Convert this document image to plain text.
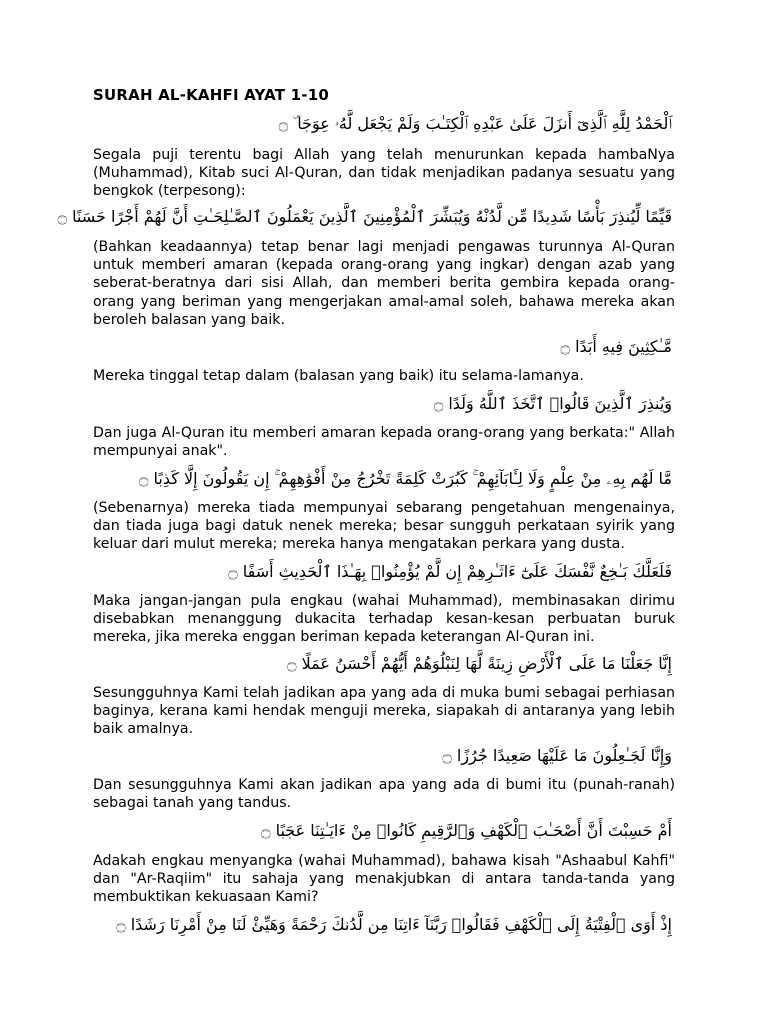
SURAH AL-KAHFI AYAT 1-10
ٱلْحَمْدُ لِلَّهِ ٱلَّذِىٓ أَنزَلَ عَلَىٰ عَبْدِهِ ٱلْكِتَـٰبَ وَلَمْ يَجْعَل لَّهُۥ عِوَجَا ۜ ۝
Segala puji terentu bagi Allah yang telah menurunkan kepada hambaNya (Muhammad), Kitab suci Al-Quran, dan tidak menjadikan padanya sesuatu yang bengkok (terpesong):
قَيِّمًا لِّيُنذِرَ بَأْسًا شَدِيدًا مِّن لَّدُنْهُ وَيُبَشِّرَ ٱلْمُؤْمِنِينَ ٱلَّذِينَ يَعْمَلُونَ ٱلصَّـٰلِحَـٰتِ أَنَّ لَهُمْ أَجْرًا حَسَنًا ۝
(Bahkan keadaannya) tetap benar lagi menjadi pengawas turunnya Al-Quran untuk memberi amaran (kepada orang-orang yang ingkar) dengan azab yang seberat-beratnya dari sisi Allah, dan memberi berita gembira kepada orang-orang yang beriman yang mengerjakan amal-amal soleh, bahawa mereka akan beroleh balasan yang baik.
مَّـٰكِثِينَ فِيهِ أَبَدًا ۝
Mereka tinggal tetap dalam (balasan yang baik) itu selama-lamanya.
وَيُنذِرَ ٱلَّذِينَ قَالُوا۟ ٱتَّخَذَ ٱللَّهُ وَلَدًا ۝
Dan juga Al-Quran itu memberi amaran kepada orang-orang yang berkata:" Allah mempunyai anak".
مَّا لَهُم بِهِۦ مِنْ عِلْمٍ وَلَا لِـَٔابَآئِهِمْ ۚ كَبُرَتْ كَلِمَةً تَخْرُجُ مِنْ أَفْوَٰهِهِمْ ۚ إِن يَقُولُونَ إِلَّا كَذِبًا ۝
(Sebenarnya) mereka tiada mempunyai sebarang pengetahuan mengenainya, dan tiada juga bagi datuk nenek mereka; besar sungguh perkataan syirik yang keluar dari mulut mereka; mereka hanya mengatakan perkara yang dusta.
فَلَعَلَّكَ بَـٰخِعٌ نَّفْسَكَ عَلَىٰٓ ءَاثَـٰرِهِمْ إِن لَّمْ يُؤْمِنُوا۟ بِهَـٰذَا ٱلْحَدِيثِ أَسَفًا ۝
Maka jangan-jangan pula engkau (wahai Muhammad), membinasakan dirimu disebabkan menanggung dukacita terhadap kesan-kesan perbuatan buruk mereka, jika mereka enggan beriman kepada keterangan Al-Quran ini.
إِنَّا جَعَلْنَا مَا عَلَى ٱلْأَرْضِ زِينَةً لَّهَا لِنَبْلُوَهُمْ أَيُّهُمْ أَحْسَنُ عَمَلًا ۝
Sesungguhnya Kami telah jadikan apa yang ada di muka bumi sebagai perhiasan baginya, kerana kami hendak menguji mereka, siapakah di antaranya yang lebih baik amalnya.
وَإِنَّا لَجَـٰعِلُونَ مَا عَلَيْهَا صَعِيدًا جُرُزًا ۝
Dan sesungguhnya Kami akan jadikan apa yang ada di bumi itu (punah-ranah) sebagai tanah yang tandus.
أَمْ حَسِبْتَ أَنَّ أَصْحَـٰبَ ٱلْكَهْفِ وَٱلرَّقِيمِ كَانُوا۟ مِنْ ءَايَـٰتِنَا عَجَبًا ۝
Adakah engkau menyangka (wahai Muhammad), bahawa kisah "Ashaabul Kahfi" dan "Ar-Raqiim" itu sahaja yang menakjubkan di antara tanda-tanda yang membuktikan kekuasaan Kami?
إِذْ أَوَى ٱلْفِتْيَةُ إِلَى ٱلْكَهْفِ فَقَالُوا۟ رَبَّنَآ ءَاتِنَا مِن لَّدُنكَ رَحْمَةً وَهَيِّئْ لَنَا مِنْ أَمْرِنَا رَشَدًا ۝
